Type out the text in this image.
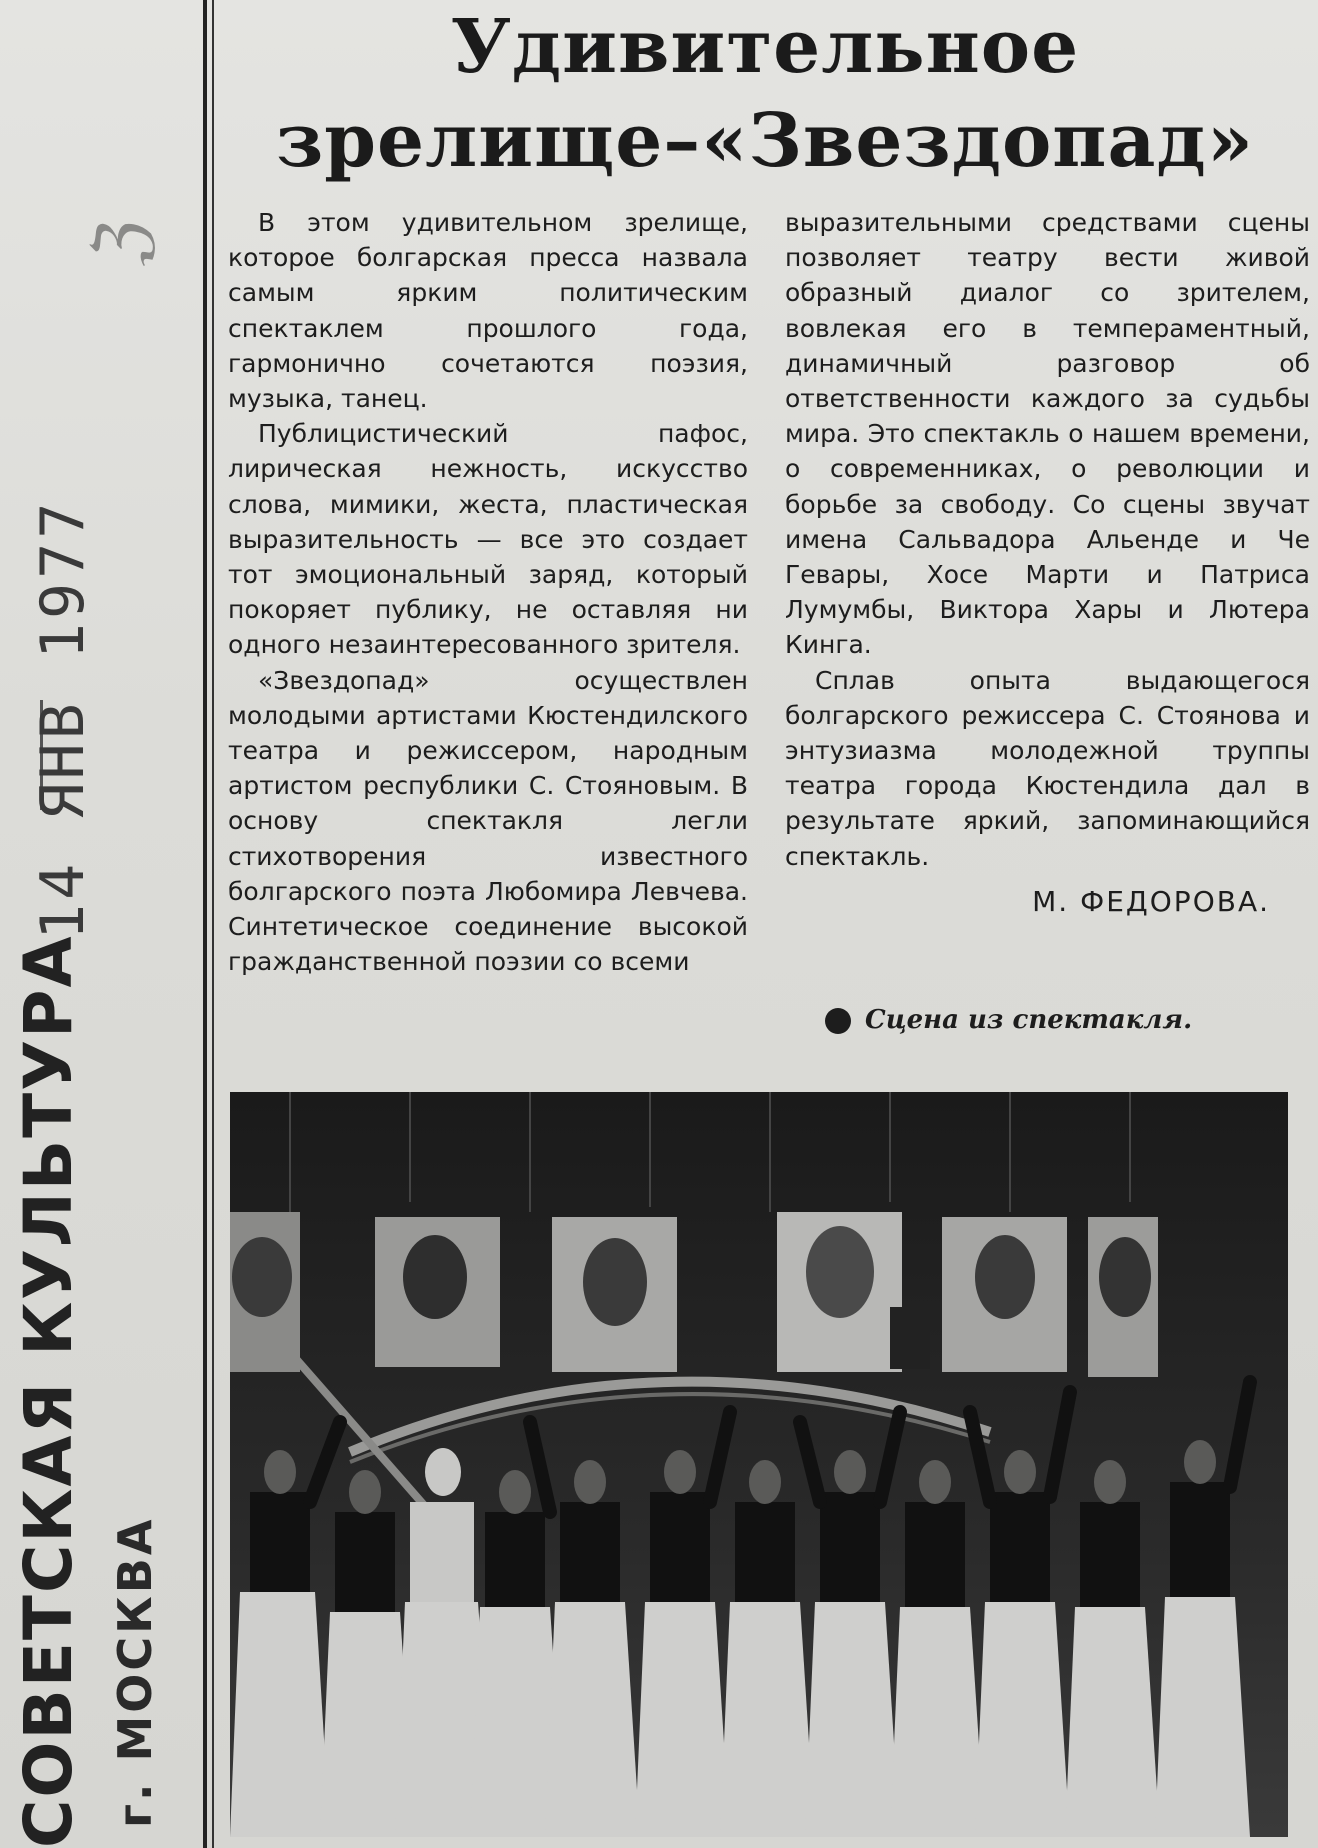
ℨ
14 ЯНВ 1977
СОВЕТСКАЯ КУЛЬТУРА г. МОСКВА
Удивительное
зрелище–«Звездопад»

В этом удивительном зрелище, которое болгарская пресса назвала самым ярким политическим спектаклем прошлого года, гармонично сочетаются поэзия, музыка, танец.

Публицистический пафос, лирическая нежность, искусство слова, мимики, жеста, пластическая выразительность — все это создает тот эмоциональный заряд, который покоряет публику, не оставляя ни одного незаинтересованного зрителя.

«Звездопад» осуществлен молодыми артистами Кюстендилского театра и режиссером, народным артистом республики С. Стояновым. В основу спектакля легли стихотворения известного болгарского поэта Любомира Левчева. Синтетическое соединение высокой гражданственной поэзии со всеми

выразительными средствами сцены позволяет театру вести живой образный диалог со зрителем, вовлекая его в темпераментный, динамичный разговор об ответственности каждого за судьбы мира. Это спектакль о нашем времени, о современниках, о революции и борьбе за свободу. Со сцены звучат имена Сальвадора Альенде и Че Гевары, Хосе Марти и Патриса Лумумбы, Виктора Хары и Лютера Кинга.

Сплав опыта выдающегося болгарского режиссера С. Стоянова и энтузиазма молодежной труппы театра города Кюстендила дал в результате яркий, запоминающийся спектакль.

М. ФЕДОРОВА.
Сцена из спектакля.
